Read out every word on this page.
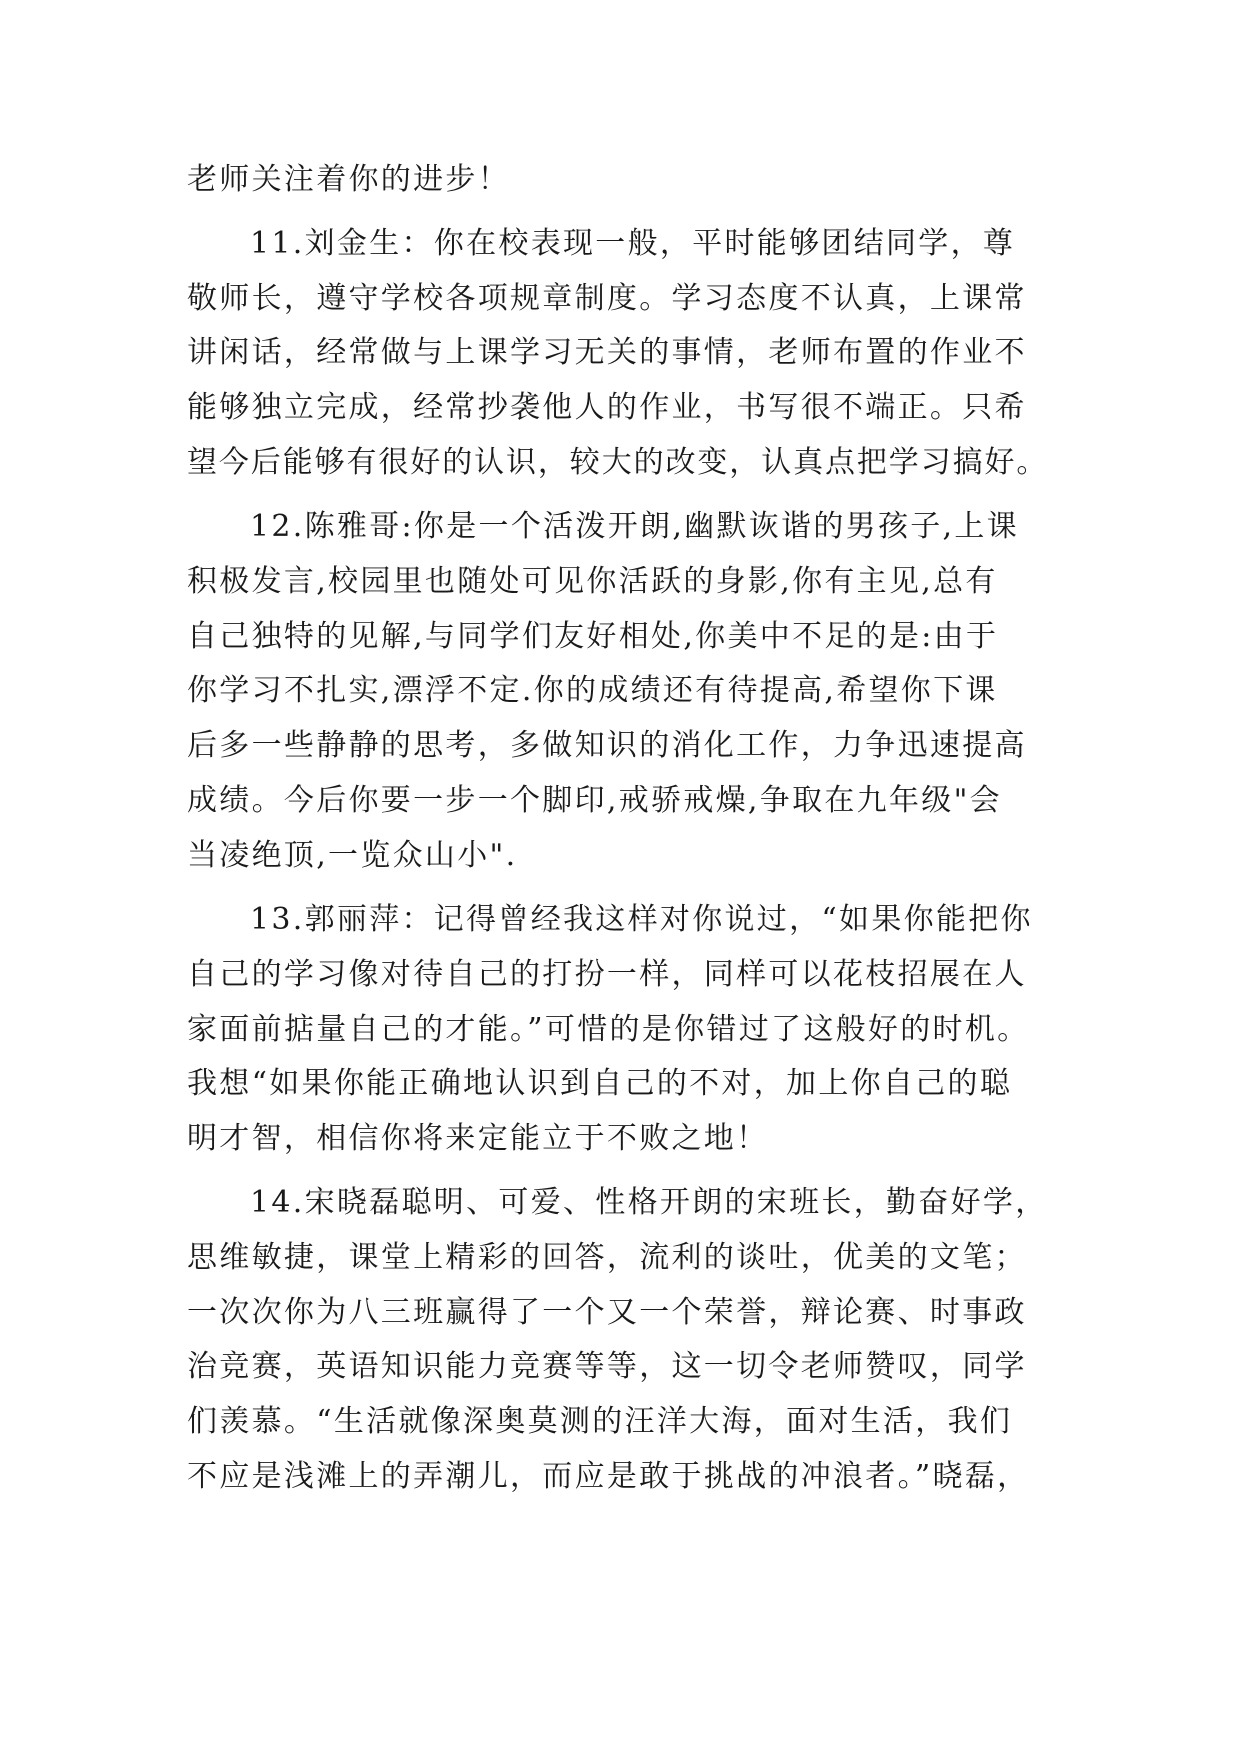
老师关注着你的进步！
11.刘金生：你在校表现一般，平时能够团结同学，尊
敬师长，遵守学校各项规章制度。学习态度不认真，上课常
讲闲话，经常做与上课学习无关的事情，老师布置的作业不
能够独立完成，经常抄袭他人的作业，书写很不端正。只希
望今后能够有很好的认识，较大的改变，认真点把学习搞好。
12.陈雅哥:你是一个活泼开朗,幽默诙谐的男孩子,上课
积极发言,校园里也随处可见你活跃的身影,你有主见,总有
自己独特的见解,与同学们友好相处,你美中不足的是:由于
你学习不扎实,漂浮不定.你的成绩还有待提高,希望你下课
后多一些静静的思考，多做知识的消化工作，力争迅速提高
成绩。今后你要一步一个脚印,戒骄戒燥,争取在九年级"会
当凌绝顶,一览众山小".
13.郭丽萍：记得曾经我这样对你说过，“如果你能把你
自己的学习像对待自己的打扮一样，同样可以花枝招展在人
家面前掂量自己的才能。”可惜的是你错过了这般好的时机。
我想“如果你能正确地认识到自己的不对，加上你自己的聪
明才智，相信你将来定能立于不败之地！
14.宋晓磊聪明、可爱、性格开朗的宋班长，勤奋好学，
思维敏捷，课堂上精彩的回答，流利的谈吐，优美的文笔；
一次次你为八三班赢得了一个又一个荣誉，辩论赛、时事政
治竞赛，英语知识能力竞赛等等，这一切令老师赞叹，同学
们羡慕。“生活就像深奥莫测的汪洋大海，面对生活，我们
不应是浅滩上的弄潮儿，而应是敢于挑战的冲浪者。”晓磊，
